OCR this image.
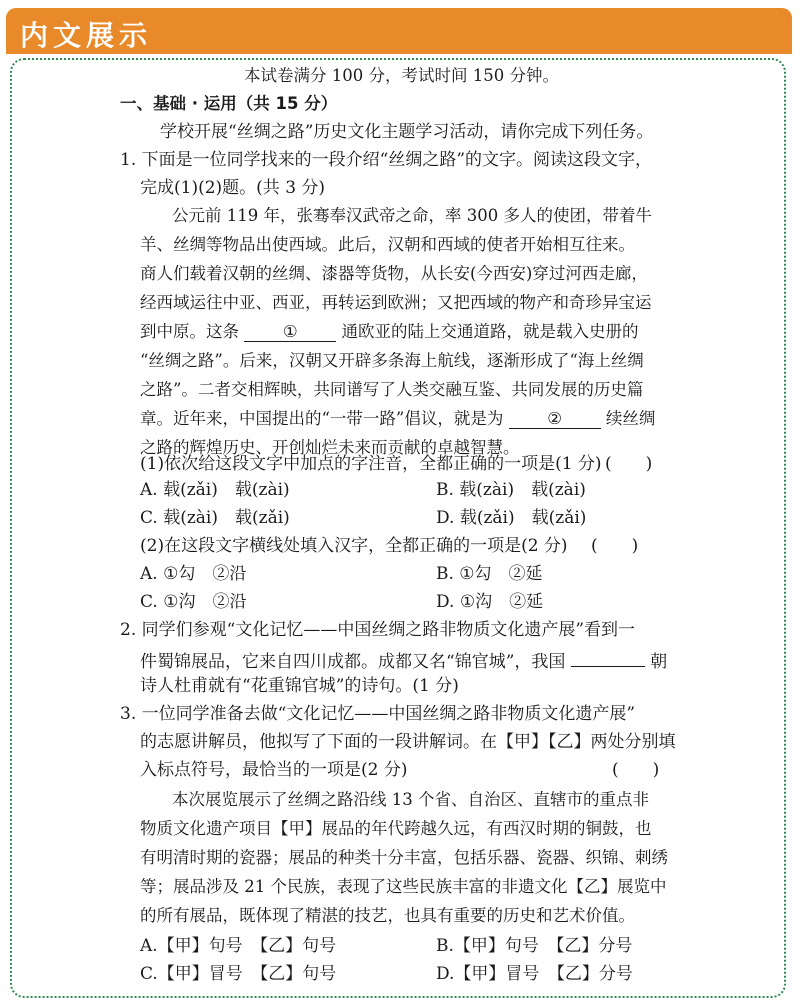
内文展示
本试卷满分 100 分，考试时间 150 分钟。
一、基础 · 运用（共 15 分）
学校开展“丝绸之路”历史文化主题学习活动，请你完成下列任务。
1. 下面是一位同学找来的一段介绍“丝绸之路”的文字。阅读这段文字，
完成(1)(2)题。(共 3 分)
公元前 119 年，张骞奉汉武帝之命，率 300 多人的使团，带着牛
羊、丝绸等物品出使西域。此后，汉朝和西域的使者开始相互往来。
商人们载着汉朝的丝绸、漆器等货物，从长安(今西安)穿过河西走廊，
经西域运往中亚、西亚，再转运到欧洲；又把西域的物产和奇珍异宝运
到中原。这条	①	通欧亚的陆上交通道路，就是载入史册的
“丝绸之路”。后来，汉朝又开辟多条海上航线，逐渐形成了“海上丝绸
之路”。二者交相辉映，共同谱写了人类交融互鉴、共同发展的历史篇
章。近年来，中国提出的“一带一路”倡议，就是为	②	续丝绸
之路的辉煌历史、开创灿烂未来而贡献的卓越智慧。
(1)依次给这段文字中加点的字注音，全都正确的一项是(1 分) (　　)
A. 载(zǎi)　载(zài)	B. 载(zài)　载(zài)
C. 载(zài)　载(zǎi)	D. 载(zǎi)　载(zǎi)
(2)在这段文字横线处填入汉字，全都正确的一项是(2 分) (　　)
A. ①勾　②沿	B. ①勾　②延
C. ①沟　②沿	D. ①沟　②延
2. 同学们参观“文化记忆——中国丝绸之路非物质文化遗产展”看到一
件蜀锦展品，它来自四川成都。成都又名“锦官城”，我国	朝
诗人杜甫就有“花重锦官城”的诗句。(1 分)
3. 一位同学准备去做“文化记忆——中国丝绸之路非物质文化遗产展”
的志愿讲解员，他拟写了下面的一段讲解词。在【甲】【乙】两处分别填
入标点符号，最恰当的一项是(2 分)	(　　)
本次展览展示了丝绸之路沿线 13 个省、自治区、直辖市的重点非
物质文化遗产项目【甲】展品的年代跨越久远，有西汉时期的铜鼓，也
有明清时期的瓷器；展品的种类十分丰富，包括乐器、瓷器、织锦、刺绣
等；展品涉及 21 个民族，表现了这些民族丰富的非遗文化【乙】展览中
的所有展品，既体现了精湛的技艺，也具有重要的历史和艺术价值。
A.【甲】句号　【乙】句号	B.【甲】句号　【乙】分号
C.【甲】冒号　【乙】句号	D.【甲】冒号　【乙】分号
